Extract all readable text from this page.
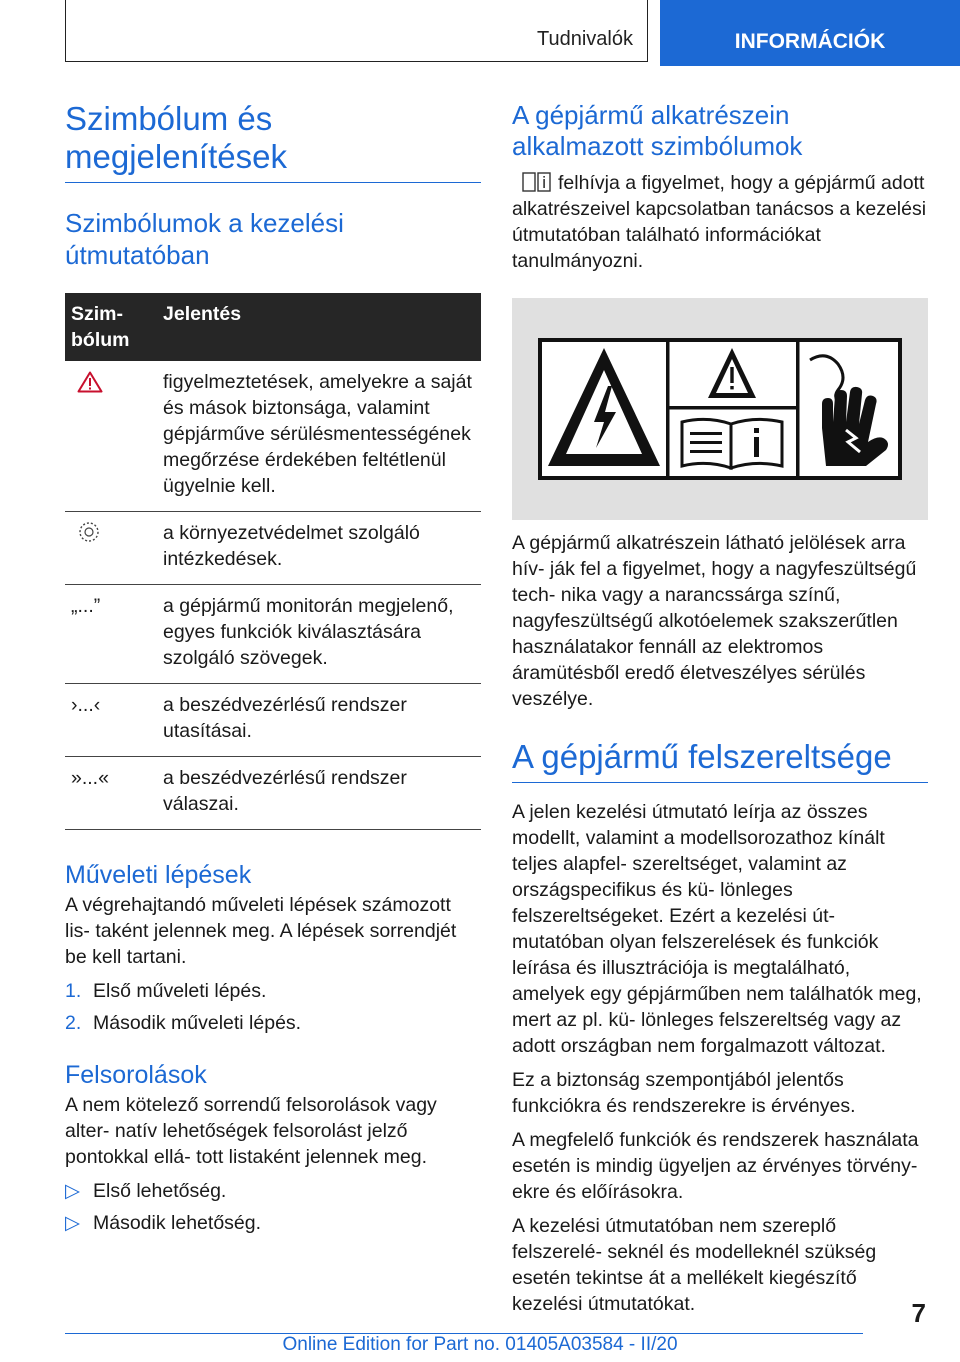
Tudnivalók	INFORMÁCIÓK
Szimbólum és
megjelenítések
Szimbólumok a kezelési
útmutatóban
Szim‐
bólum	Jelentés
	figyelmeztetések, amelyekre a saját és mások biztonsága, valamint gépjárműve sérülésmentességének megőrzése érdekében feltétlenül ügyelnie kell.
	a környezetvédelmet szolgáló intézkedések.
„...”	a gépjármű monitorán megjelenő, egyes funkciók kiválasztására szolgáló szövegek.
›...‹	a beszédvezérlésű rendszer utasításai.
»...«	a beszédvezérlésű rendszer válaszai.
Műveleti lépések

A végrehajtandó műveleti lépések számozott lis‐ taként jelennek meg. A lépések sorrendjét be kell tartani.

1. Első műveleti lépés.
2. Második műveleti lépés.
Felsorolások

A nem kötelező sorrendű felsorolások vagy alter‐ natív lehetőségek felsorolást jelző pontokkal ellá‐ tott listaként jelennek meg.

▷ Első lehetőség.
▷ Második lehetőség.
A gépjármű alkatrészein
alkalmazott szimbólumok

felhívja a figyelmet, hogy a gépjármű adott alkatrészeivel kapcsolatban tanácsos a kezelési útmutatóban található információkat tanulmányozni.

A gépjármű alkatrészein látható jelölések arra hív‐ ják fel a figyelmet, hogy a nagyfeszültségű tech‐ nika vagy a narancssárga színű, nagyfeszültségű alkotóelemek szakszerűtlen használatakor fennáll az elektromos áramütésből eredő életveszélyes sérülés veszélye.

A gépjármű felszereltsége

A jelen kezelési útmutató leírja az összes modellt, valamint a modellsorozathoz kínált teljes alapfel‐ szereltséget, valamint az országspecifikus és kü‐ lönleges felszereltségeket. Ezért a kezelési út‐ mutatóban olyan felszerelések és funkciók leírása és illusztrációja is megtalálható, amelyek egy gépjárműben nem találhatók meg, mert az pl. kü‐ lönleges felszereltség vagy az adott országban nem forgalmazott változat.

Ez a biztonság szempontjából jelentős funkciókra és rendszerekre is érvényes.

A megfelelő funkciók és rendszerek használata esetén is mindig ügyeljen az érvényes törvény‐ ekre és előírásokra.

A kezelési útmutatóban nem szereplő felszerelé‐ seknél és modelleknél szükség esetén tekintse át a mellékelt kiegészítő kezelési útmutatókat.	7
Online Edition for Part no. 01405A03584 - II/20
